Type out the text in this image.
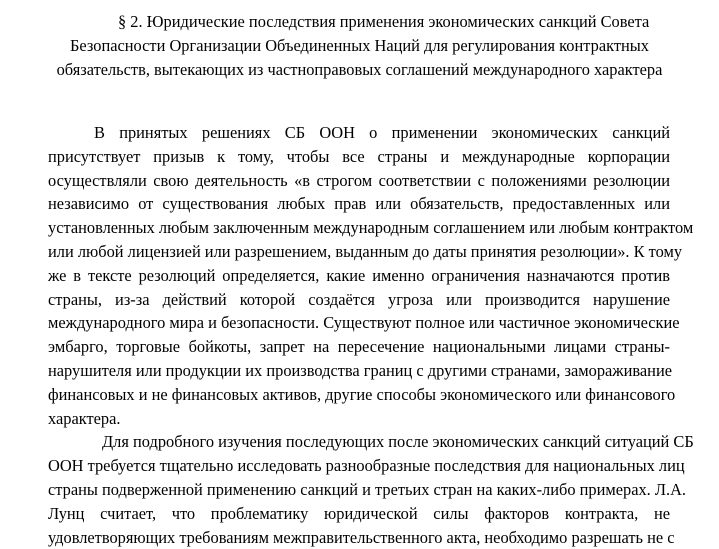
§ 2. Юридические последствия применения экономических санкций Совета
Безопасности Организации Объединенных Наций для регулирования контрактных
обязательств, вытекающих из частноправовых соглашений международного характера
В принятых решениях СБ ООН о применении экономических санкций
присутствует призыв к тому, чтобы все страны и международные корпорации
осуществляли свою деятельность «в строгом соответствии с положениями резолюции
независимо от существования любых прав или обязательств, предоставленных или
установленных любым заключенным международным соглашением или любым контрактом
или любой лицензией или разрешением, выданным до даты принятия резолюции». К тому
же в тексте резолюций определяется, какие именно ограничения назначаются против
страны, из-за действий которой создаётся угроза или производится нарушение
международного мира и безопасности. Существуют полное или частичное экономические
эмбарго, торговые бойкоты, запрет на пересечение национальными лицами страны-
нарушителя или продукции их производства границ с другими странами, замораживание
финансовых и не финансовых активов, другие способы экономического или финансового
характера.
Для подробного изучения последующих после экономических санкций ситуаций СБ
ООН требуется тщательно исследовать разнообразные последствия для национальных лиц
страны подверженной применению санкций и третьих стран на каких-либо примерах. Л.А.
Лунц считает, что проблематику юридической силы факторов контракта, не
удовлетворяющих требованиям межправительственного акта, необходимо разрешать не с
